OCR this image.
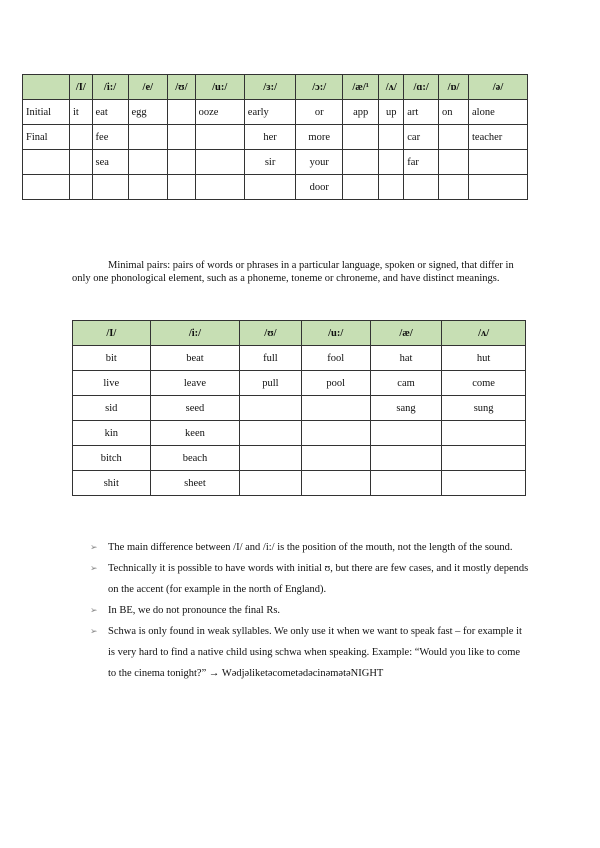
	/I/	/i:/	/e/	/ʊ/	/u:/	/ɜ:/	/ɔ:/	/æ/¹	/ʌ/	/ɑ:/	/ɒ/	/ə/
Initial	it	eat	egg		ooze	early	or	app	up	art	on	alone
Final		fee				her	more			car		teacher
		sea				sir	your			far		
							door					

Minimal pairs: pairs of words or phrases in a particular language, spoken or signed, that differ in only one phonological element, such as a phoneme, toneme or chroneme, and have distinct meanings.

/I/	/i:/	/ʊ/	/u:/	/æ/	/ʌ/
bit	beat	full	fool	hat	hut
live	leave	pull	pool	cam	come
sid	seed			sang	sung
kin	keen				
bitch	beach				
shit	sheet				
➢ The main difference between /I/ and /i:/ is the position of the mouth, not the length of the sound.
➢ Technically it is possible to have words with initial ʊ, but there are few cases, and it mostly depends on the accent (for example in the north of England).
➢ In BE, we do not pronounce the final Rs.
➢ Schwa is only found in weak syllables. We only use it when we want to speak fast – for example it is very hard to find a native child using schwa when speaking. Example: “Would you like to come to the cinema tonight?” → WədjəliketəcometədəcinəmətəNIGHT
